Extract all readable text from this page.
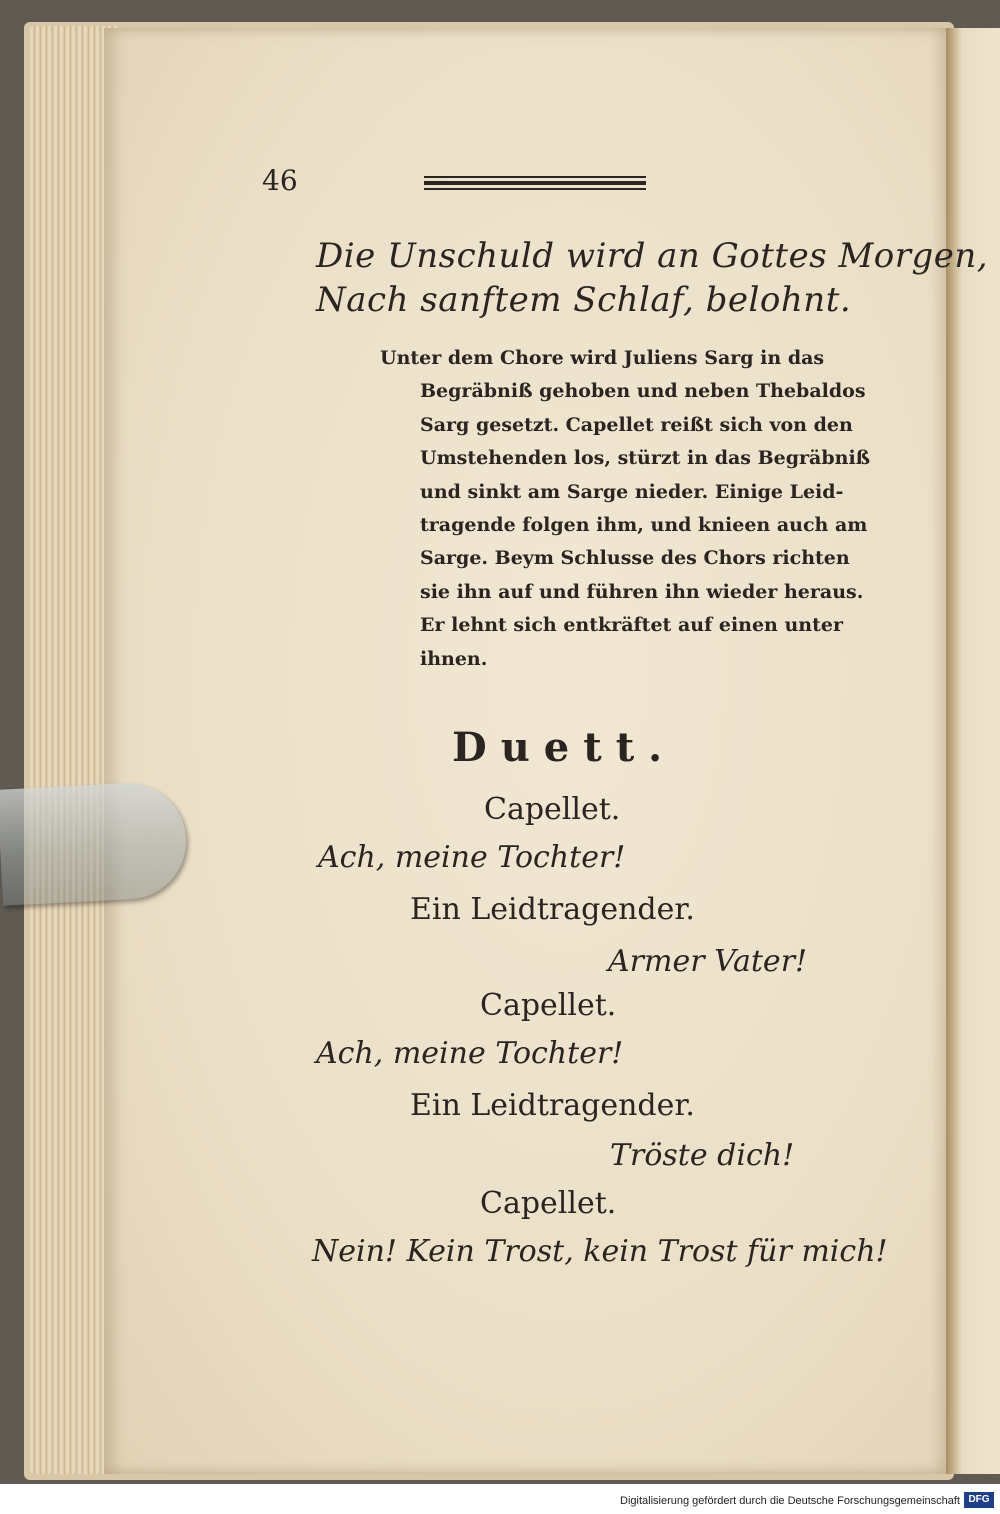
46
Die Unschuld wird an Gottes Morgen,
Nach sanftem Schlaf, belohnt.
Unter dem Chore wird Juliens Sarg in das
Begräbniß gehoben und neben Thebaldos
Sarg gesetzt. Capellet reißt sich von den
Umstehenden los, stürzt in das Begräbniß
und sinkt am Sarge nieder. Einige Leid-
tragende folgen ihm, und knieen auch am
Sarge. Beym Schlusse des Chors richten
sie ihn auf und führen ihn wieder heraus.
Er lehnt sich entkräftet auf einen unter
ihnen.
Duett.
Capellet.
Ach, meine Tochter!
Ein Leidtragender.
Armer Vater!
Capellet.
Ach, meine Tochter!
Ein Leidtragender.
Tröste dich!
Capellet.
Nein! Kein Trost, kein Trost für mich!
Digitalisierung gefördert durch die Deutsche Forschungsgemeinschaft DFG
